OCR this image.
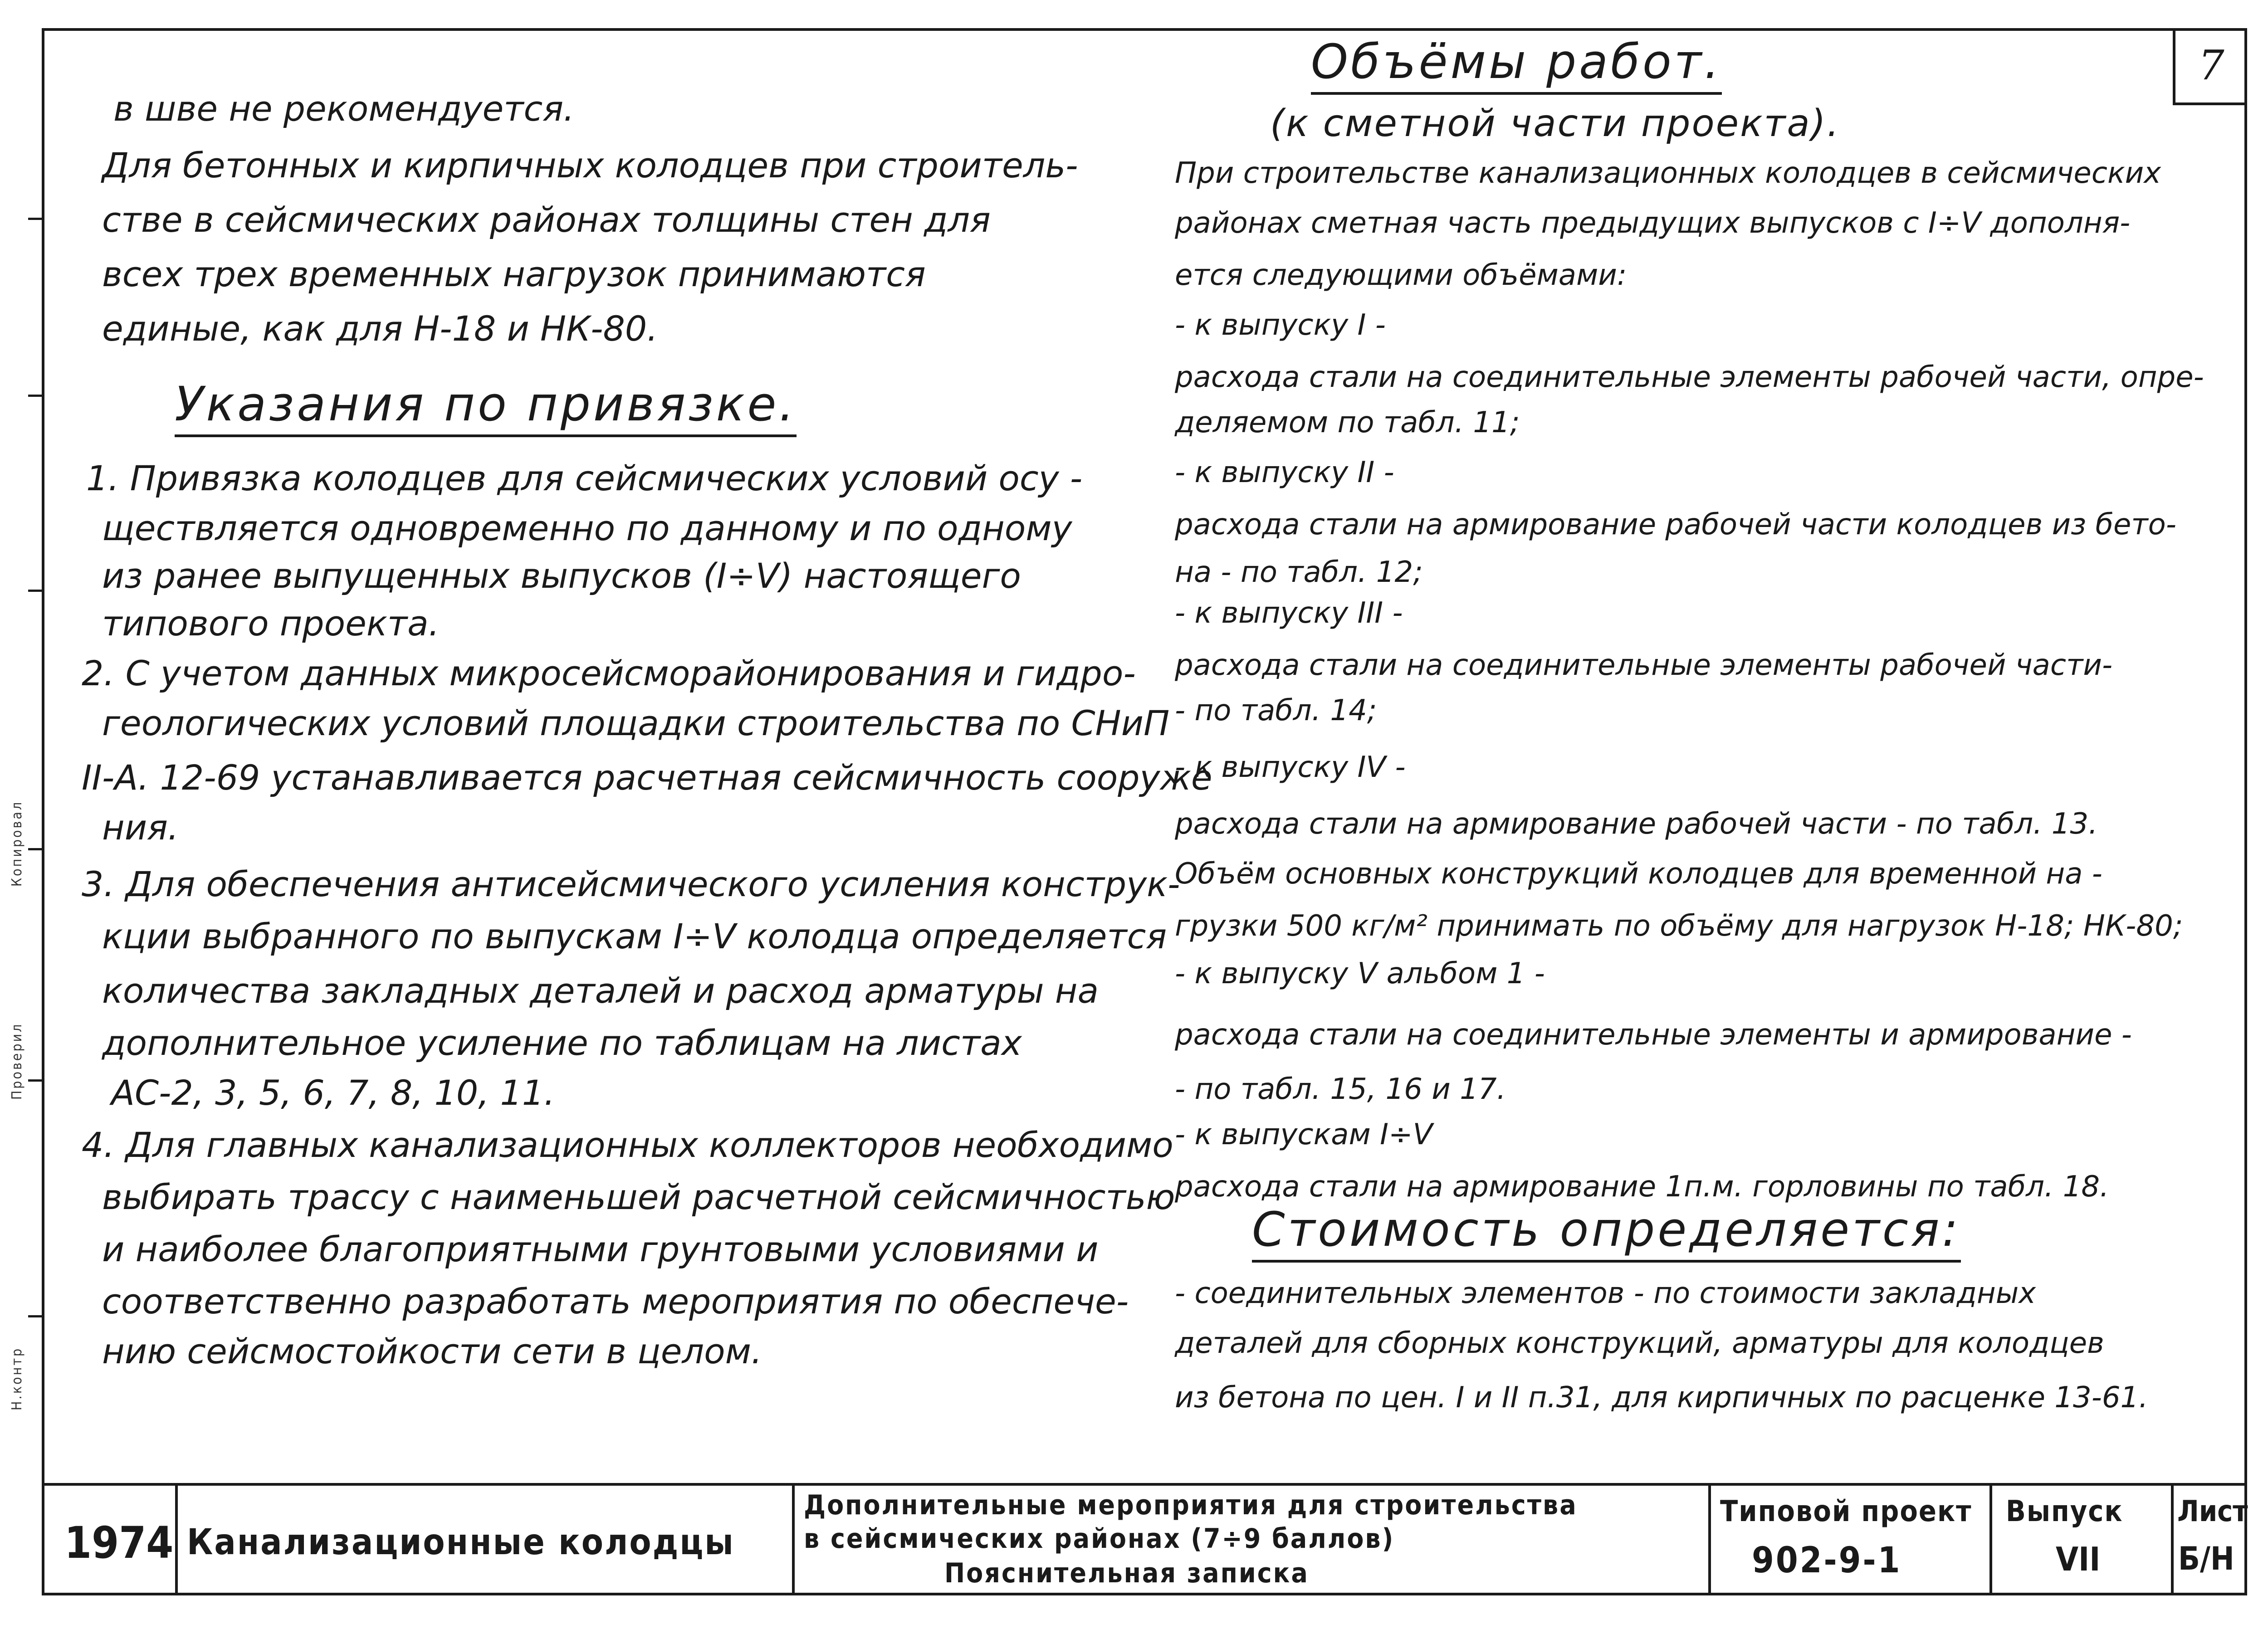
Копировал
Проверил
Н.контр
7
в шве не рекомендуется.
Для бетонных и кирпичных колодцев при строитель-
стве в сейсмических районах толщины стен для
всех трех временных нагрузок принимаются
единые, как для Н-18 и НК-80.
Указания по привязке.
1. Привязка колодцев для сейсмических условий осу -
ществляется одновременно по данному и по одному
из ранее выпущенных выпусков (I÷V) настоящего
типового проекта.
2. С учетом данных микросейсморайонирования и гидро-
геологических условий площадки строительства по СНиП
II-А. 12-69 устанавливается расчетная сейсмичность сооруже
ния.
3. Для обеспечения антисейсмического усиления конструк-
кции выбранного по выпускам I÷V колодца определяется
количества закладных деталей и расход арматуры на
дополнительное усиление по таблицам на листах
АС-2, 3, 5, 6, 7, 8, 10, 11.
4. Для главных канализационных коллекторов необходимо
выбирать трассу с наименьшей расчетной сейсмичностью
и наиболее благоприятными грунтовыми условиями и
соответственно разработать мероприятия по обеспече-
нию сейсмостойкости сети в целом.
Объёмы работ.
(к сметной части проекта).
При строительстве канализационных колодцев в сейсмических
районах сметная часть предыдущих выпусков с I÷V дополня-
ется следующими объёмами:
- к выпуску I -
расхода стали на соединительные элементы рабочей части, опре-
деляемом по табл. 11;
- к выпуску II -
расхода стали на армирование рабочей части колодцев из бето-
на - по табл. 12;
- к выпуску III -
расхода стали на соединительные элементы рабочей части-
- по табл. 14;
- к выпуску IV -
расхода стали на армирование рабочей части - по табл. 13.
Объём основных конструкций колодцев для временной на -
грузки 500 кг/м² принимать по объёму для нагрузок Н-18; НК-80;
- к выпуску V альбом 1 -
расхода стали на соединительные элементы и армирование -
- по табл. 15, 16 и 17.
- к выпускам I÷V
расхода стали на армирование 1п.м. горловины по табл. 18.
Стоимость определяется:
- соединительных элементов - по стоимости закладных
деталей для сборных конструкций, арматуры для колодцев
из бетона по цен. I и II п.31, для кирпичных по расценке 13-61.
1974 Канализационные колодцы
Дополнительные мероприятия для строительства
в сейсмических районах (7÷9 баллов)
Пояснительная записка
Типовой проект
902-9-1
Выпуск
VII
Лист
Б/Н
